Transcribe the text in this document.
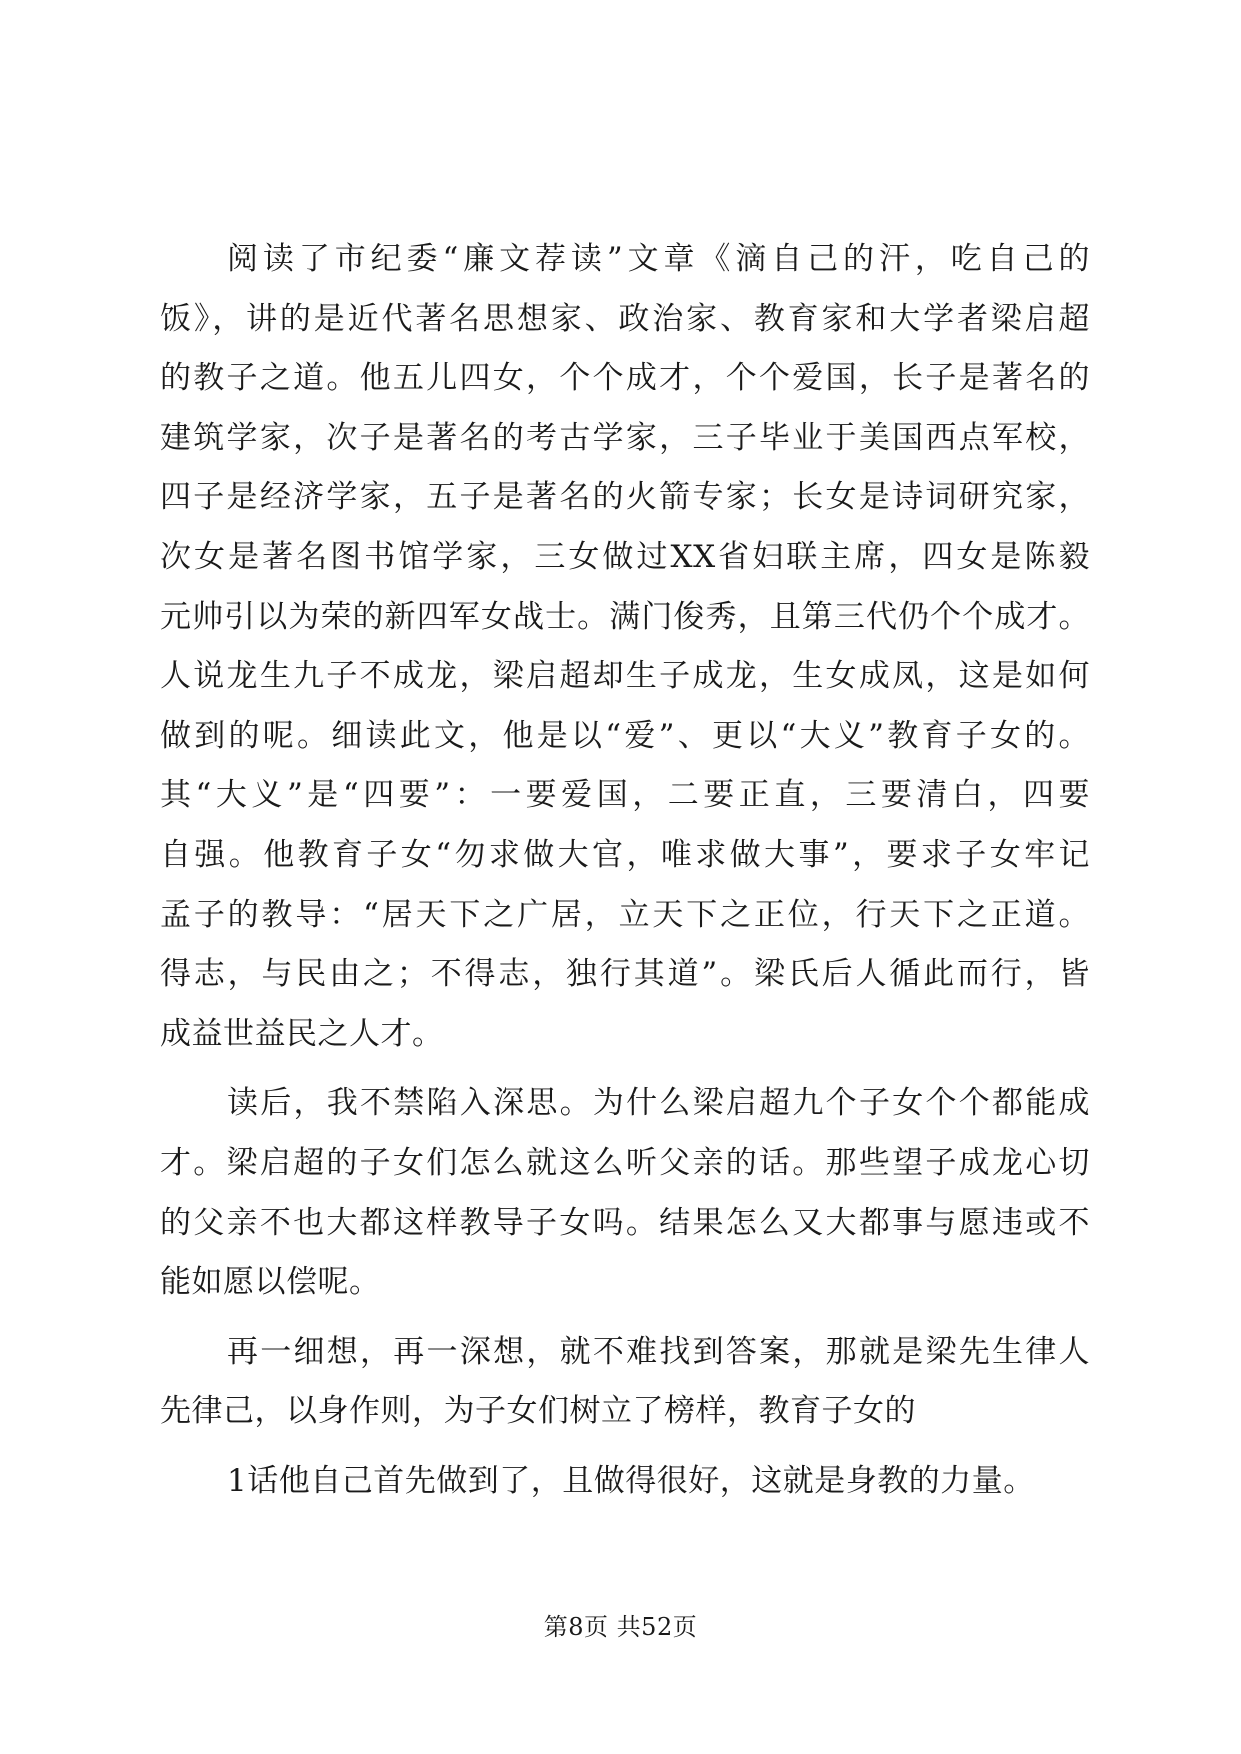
阅读了市纪委“廉文荐读”文章《滴自己的汗，吃自己的
饭》，讲的是近代著名思想家、政治家、教育家和大学者梁启超
的教子之道。他五儿四女，个个成才，个个爱国，长子是著名的
建筑学家，次子是著名的考古学家，三子毕业于美国西点军校，
四子是经济学家，五子是著名的火箭专家；长女是诗词研究家，
次女是著名图书馆学家，三女做过XX省妇联主席，四女是陈毅
元帅引以为荣的新四军女战士。满门俊秀，且第三代仍个个成才。
人说龙生九子不成龙，梁启超却生子成龙，生女成凤，这是如何
做到的呢。细读此文，他是以“爱”、更以“大义”教育子女的。
其“大义”是“四要”：一要爱国，二要正直，三要清白，四要
自强。他教育子女“勿求做大官，唯求做大事”，要求子女牢记
孟子的教导：“居天下之广居，立天下之正位，行天下之正道。
得志，与民由之；不得志，独行其道”。梁氏后人循此而行，皆
成益世益民之人才。
读后，我不禁陷入深思。为什么梁启超九个子女个个都能成
才。梁启超的子女们怎么就这么听父亲的话。那些望子成龙心切
的父亲不也大都这样教导子女吗。结果怎么又大都事与愿违或不
能如愿以偿呢。
再一细想，再一深想，就不难找到答案，那就是梁先生律人
先律己，以身作则，为子女们树立了榜样，教育子女的
1话他自己首先做到了，且做得很好，这就是身教的力量。
第8页 共52页
